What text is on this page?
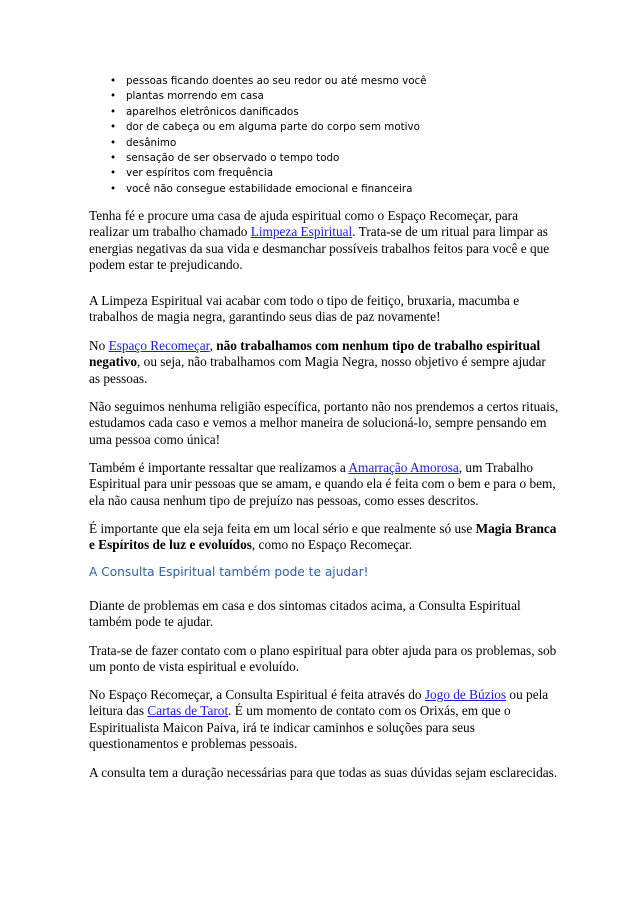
• pessoas ficando doentes ao seu redor ou até mesmo você
• plantas morrendo em casa
• aparelhos eletrônicos danificados
• dor de cabeça ou em alguma parte do corpo sem motivo
• desânimo
• sensação de ser observado o tempo todo
• ver espíritos com frequência
• você não consegue estabilidade emocional e financeira

Tenha fé e procure uma casa de ajuda espiritual como o Espaço Recomeçar, para realizar um trabalho chamado Limpeza Espiritual. Trata-se de um ritual para limpar as energias negativas da sua vida e desmanchar possíveis trabalhos feitos para você e que podem estar te prejudicando.

A Limpeza Espiritual vai acabar com todo o tipo de feitiço, bruxaria, macumba e trabalhos de magia negra, garantindo seus dias de paz novamente!

No Espaço Recomeçar, não trabalhamos com nenhum tipo de trabalho espiritual negativo, ou seja, não trabalhamos com Magia Negra, nosso objetivo é sempre ajudar as pessoas.

Não seguimos nenhuma religião específica, portanto não nos prendemos a certos rituais, estudamos cada caso e vemos a melhor maneira de solucioná-lo, sempre pensando em uma pessoa como única!

Também é importante ressaltar que realizamos a Amarração Amorosa, um Trabalho Espiritual para unir pessoas que se amam, e quando ela é feita com o bem e para o bem, ela não causa nenhum tipo de prejuízo nas pessoas, como esses descritos.

É importante que ela seja feita em um local sério e que realmente só use Magia Branca e Espíritos de luz e evoluídos, como no Espaço Recomeçar.

A Consulta Espiritual também pode te ajudar!

Diante de problemas em casa e dos sintomas citados acima, a Consulta Espiritual também pode te ajudar.

Trata-se de fazer contato com o plano espiritual para obter ajuda para os problemas, sob um ponto de vista espiritual e evoluído.

No Espaço Recomeçar, a Consulta Espiritual é feita através do Jogo de Búzios ou pela leitura das Cartas de Tarot. É um momento de contato com os Orixás, em que o Espiritualista Maicon Paiva, irá te indicar caminhos e soluções para seus questionamentos e problemas pessoais.

A consulta tem a duração necessárias para que todas as suas dúvidas sejam esclarecidas.
